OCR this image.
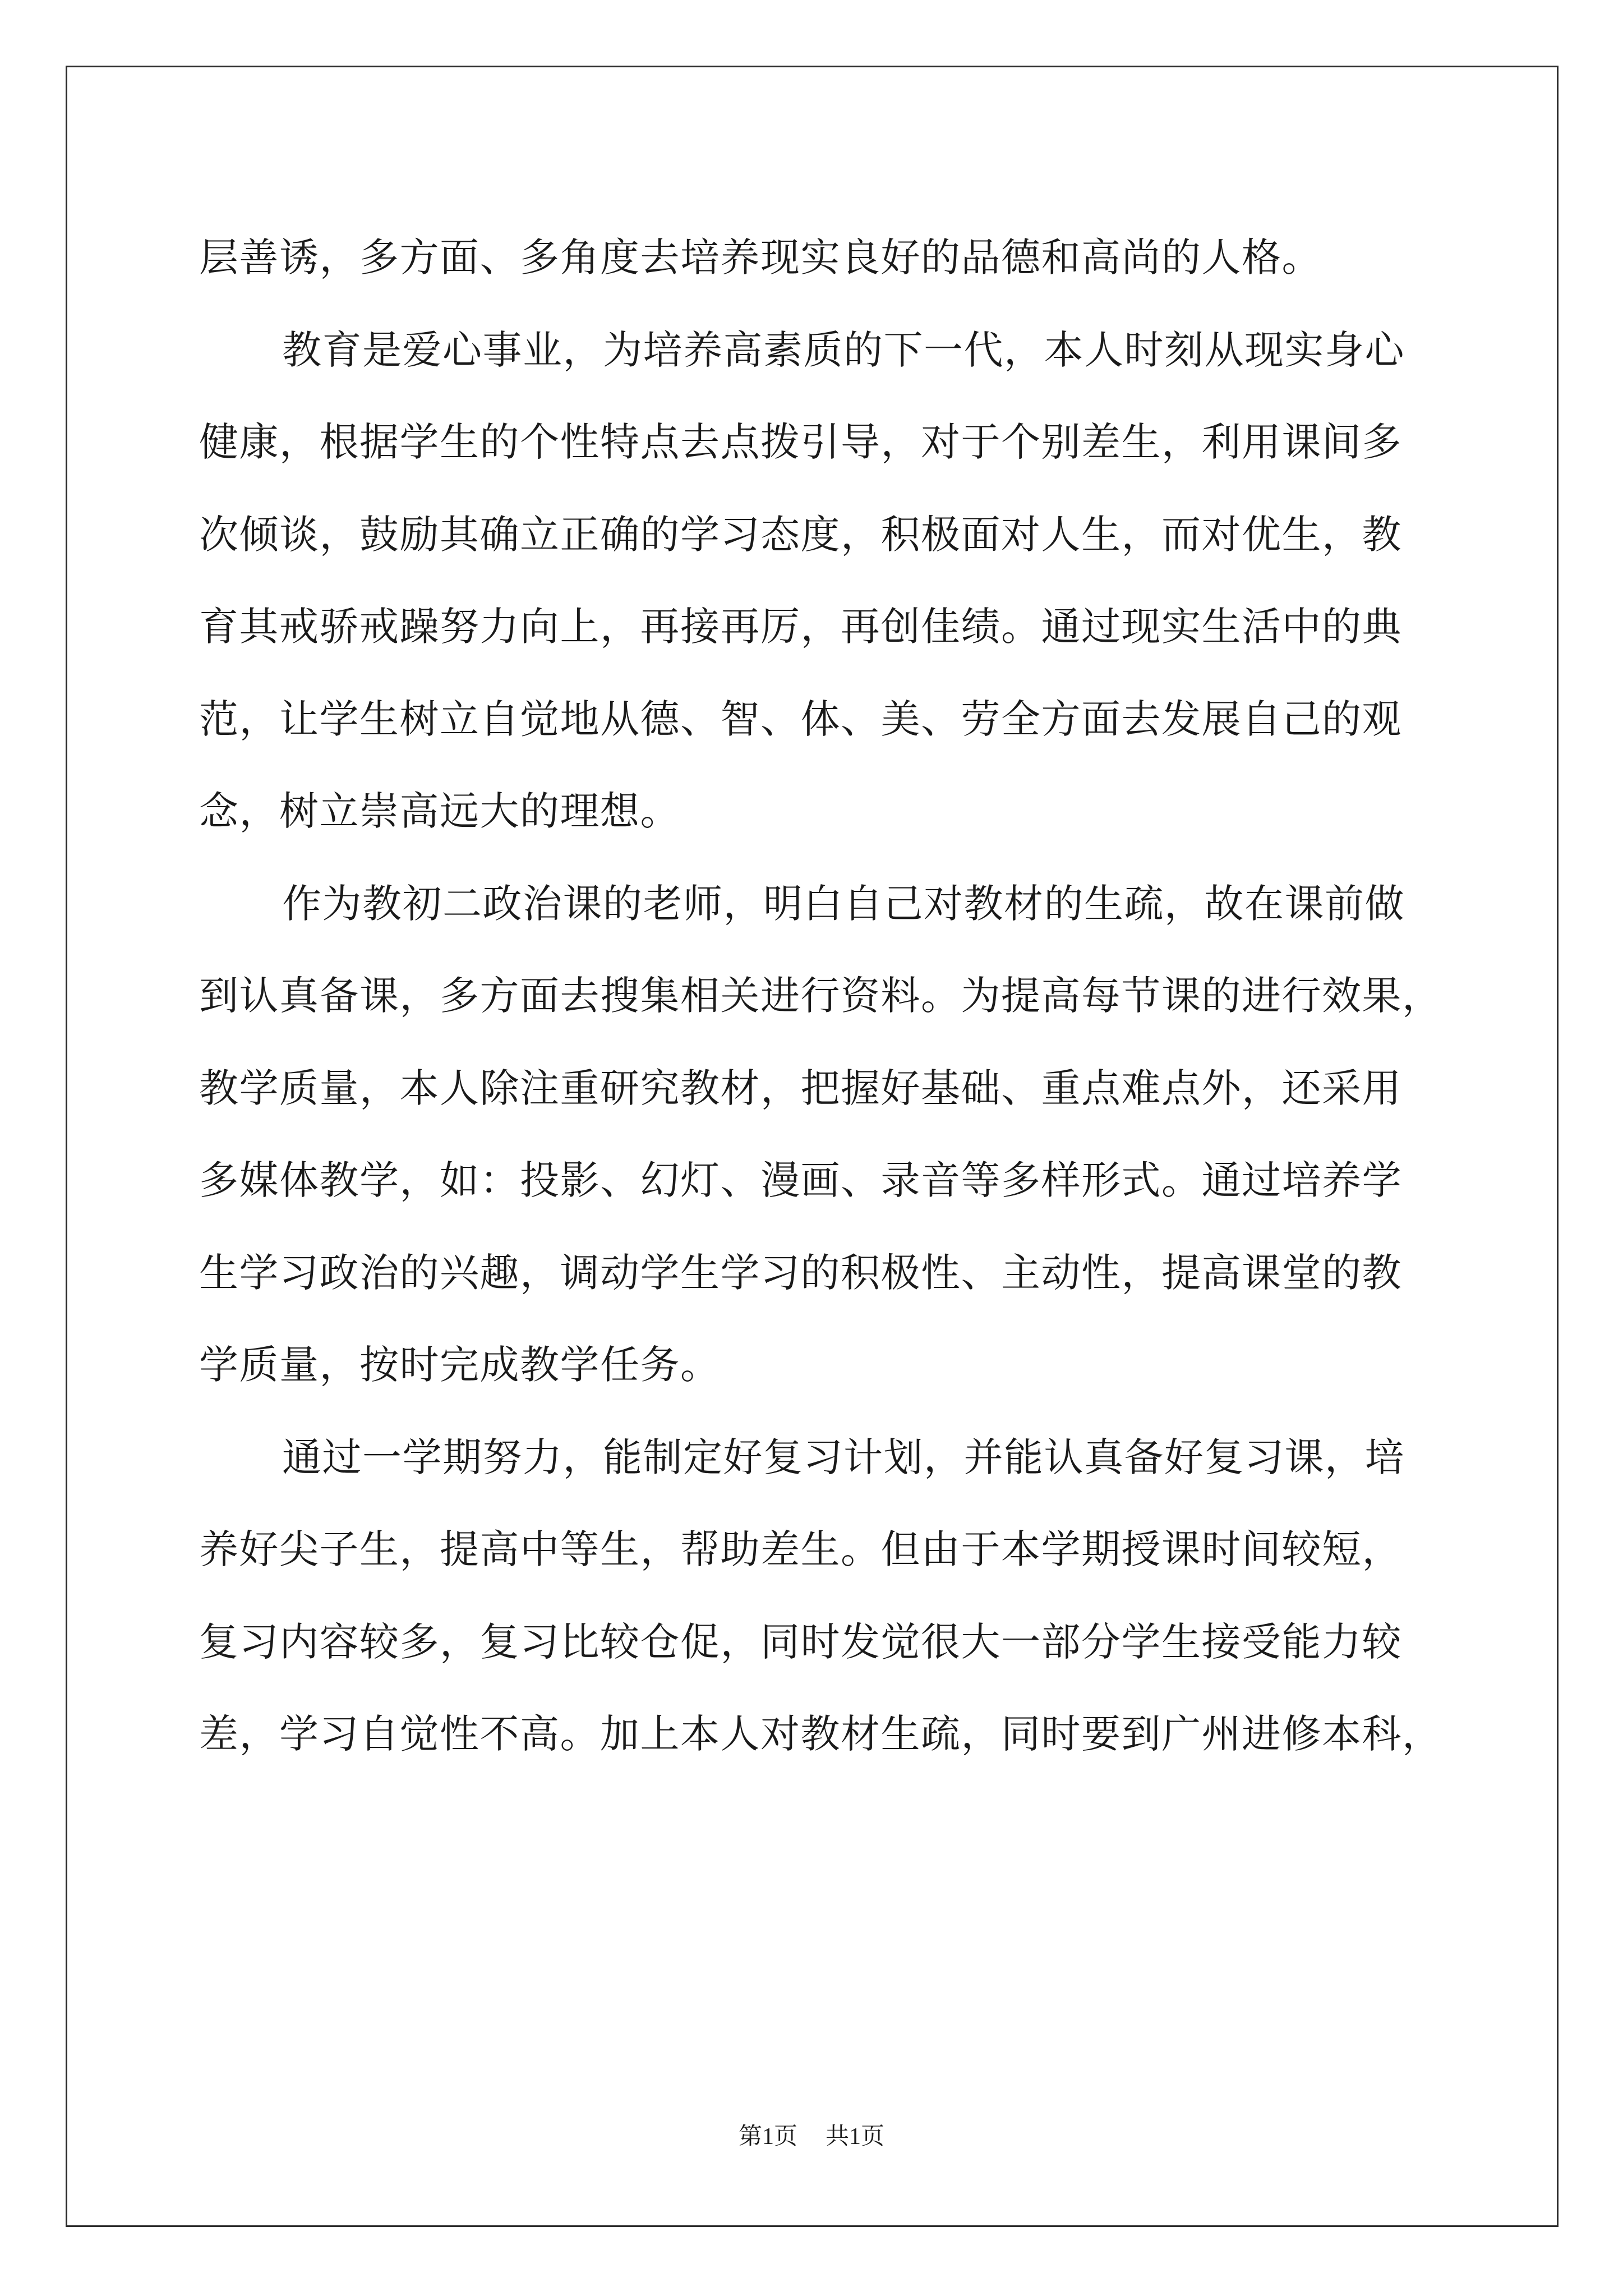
层善诱，多方面、多角度去培养现实良好的品德和高尚的人格。
教育是爱心事业，为培养高素质的下一代，本人时刻从现实身心
健康，根据学生的个性特点去点拨引导，对于个别差生，利用课间多
次倾谈，鼓励其确立正确的学习态度，积极面对人生，而对优生，教
育其戒骄戒躁努力向上，再接再厉，再创佳绩。通过现实生活中的典
范，让学生树立自觉地从德、智、体、美、劳全方面去发展自己的观
念，树立崇高远大的理想。
作为教初二政治课的老师，明白自己对教材的生疏，故在课前做
到认真备课，多方面去搜集相关进行资料。为提高每节课的进行效果，
教学质量，本人除注重研究教材，把握好基础、重点难点外，还采用
多媒体教学，如：投影、幻灯、漫画、录音等多样形式。通过培养学
生学习政治的兴趣，调动学生学习的积极性、主动性，提高课堂的教
学质量，按时完成教学任务。
通过一学期努力，能制定好复习计划，并能认真备好复习课，培
养好尖子生，提高中等生，帮助差生。但由于本学期授课时间较短，
复习内容较多，复习比较仓促，同时发觉很大一部分学生接受能力较
差，学习自觉性不高。加上本人对教材生疏，同时要到广州进修本科，
第1页 共1页
